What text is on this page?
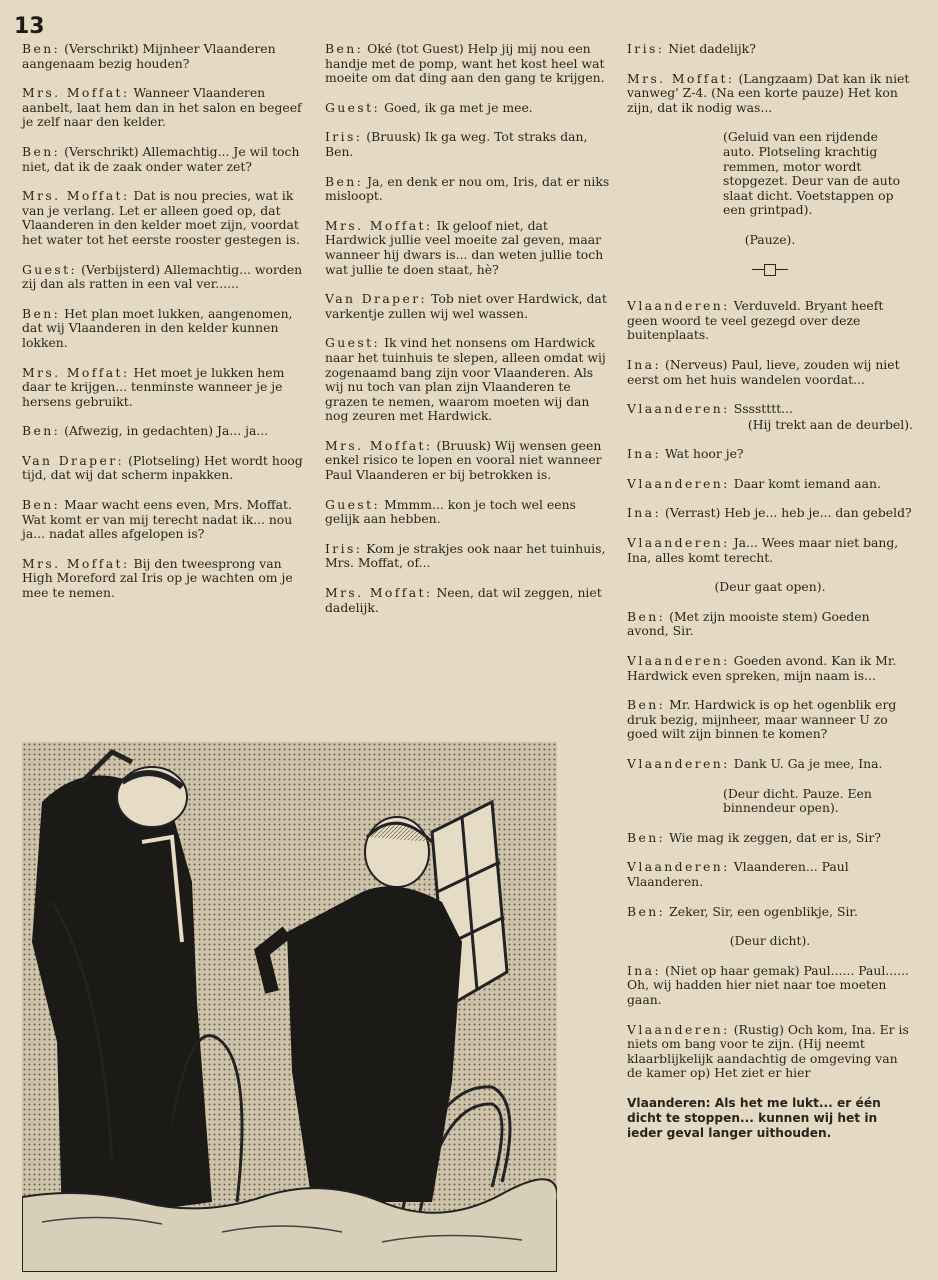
13
Ben: (Verschrikt) Mijnheer Vlaanderen aangenaam bezig houden?
Mrs. Moffat: Wanneer Vlaanderen aanbelt, laat hem dan in het salon en begeef je zelf naar den kelder.
Ben: (Verschrikt) Allemachtig... Je wil toch niet, dat ik de zaak onder water zet?
Mrs. Moffat: Dat is nou precies, wat ik van je verlang. Let er alleen goed op, dat Vlaanderen in den kelder moet zijn, voordat het water tot het eerste rooster gestegen is.
Guest: (Verbijsterd) Allemachtig... worden zij dan als ratten in een val ver......
Ben: Het plan moet lukken, aangenomen, dat wij Vlaanderen in den kelder kunnen lokken.
Mrs. Moffat: Het moet je lukken hem daar te krijgen... tenminste wanneer je je hersens gebruikt.
Ben: (Afwezig, in gedachten) Ja... ja...
Van Draper: (Plotseling) Het wordt hoog tijd, dat wij dat scherm inpakken.
Ben: Maar wacht eens even, Mrs. Moffat. Wat komt er van mij terecht nadat ik... nou ja... nadat alles afgelopen is?
Mrs. Moffat: Bij den tweesprong van High Moreford zal Iris op je wachten om je mee te nemen.
Ben: Oké (tot Guest) Help jij mij nou een handje met de pomp, want het kost heel wat moeite om dat ding aan den gang te krijgen.
Guest: Goed, ik ga met je mee.
Iris: (Bruusk) Ik ga weg. Tot straks dan, Ben.
Ben: Ja, en denk er nou om, Iris, dat er niks misloopt.
Mrs. Moffat: Ik geloof niet, dat Hardwick jullie veel moeite zal geven, maar wanneer hij dwars is... dan weten jullie toch wat jullie te doen staat, hè?
Van Draper: Tob niet over Hardwick, dat varkentje zullen wij wel wassen.
Guest: Ik vind het nonsens om Hardwick naar het tuinhuis te slepen, alleen omdat wij zogenaamd bang zijn voor Vlaanderen. Als wij nu toch van plan zijn Vlaanderen te grazen te nemen, waarom moeten wij dan nog zeuren met Hardwick.
Mrs. Moffat: (Bruusk) Wij wensen geen enkel risico te lopen en vooral niet wanneer Paul Vlaanderen er bij betrokken is.
Guest: Mmmm... kon je toch wel eens gelijk aan hebben.
Iris: Kom je strakjes ook naar het tuinhuis, Mrs. Moffat, of...
Mrs. Moffat: Neen, dat wil zeggen, niet dadelijk.
Iris: Niet dadelijk?
Mrs. Moffat: (Langzaam) Dat kan ik niet vanweg' Z-4. (Na een korte pauze) Het kon zijn, dat ik nodig was...
(Geluid van een rijdende auto. Plotseling krachtig remmen, motor wordt stopgezet. Deur van de auto slaat dicht. Voetstappen op een grintpad).
(Pauze).
Vlaanderen: Verduveld. Bryant heeft geen woord te veel gezegd over deze buitenplaats.
Ina: (Nerveus) Paul, lieve, zouden wij niet eerst om het huis wandelen voordat...
Vlaanderen: Sssstttt...
(Hij trekt aan de deurbel).
Ina: Wat hoor je?
Vlaanderen: Daar komt iemand aan.
Ina: (Verrast) Heb je... heb je... dan gebeld?
Vlaanderen: Ja... Wees maar niet bang, Ina, alles komt terecht.
(Deur gaat open).
Ben: (Met zijn mooiste stem) Goeden avond, Sir.
Vlaanderen: Goeden avond. Kan ik Mr. Hardwick even spreken, mijn naam is...
Ben: Mr. Hardwick is op het ogenblik erg druk bezig, mijnheer, maar wanneer U zo goed wilt zijn binnen te komen?
Vlaanderen: Dank U. Ga je mee, Ina.
(Deur dicht. Pauze. Een binnendeur open).
Ben: Wie mag ik zeggen, dat er is, Sir?
Vlaanderen: Vlaanderen... Paul Vlaanderen.
Ben: Zeker, Sir, een ogenblikje, Sir.
(Deur dicht).
Ina: (Niet op haar gemak) Paul...... Paul...... Oh, wij hadden hier niet naar toe moeten gaan.
Vlaanderen: (Rustig) Och kom, Ina. Er is niets om bang voor te zijn. (Hij neemt klaarblijkelijk aandachtig de omgeving van de kamer op) Het ziet er hier
Vlaanderen: Als het me lukt... er één dicht te stoppen... kunnen wij het in ieder geval langer uithouden.
